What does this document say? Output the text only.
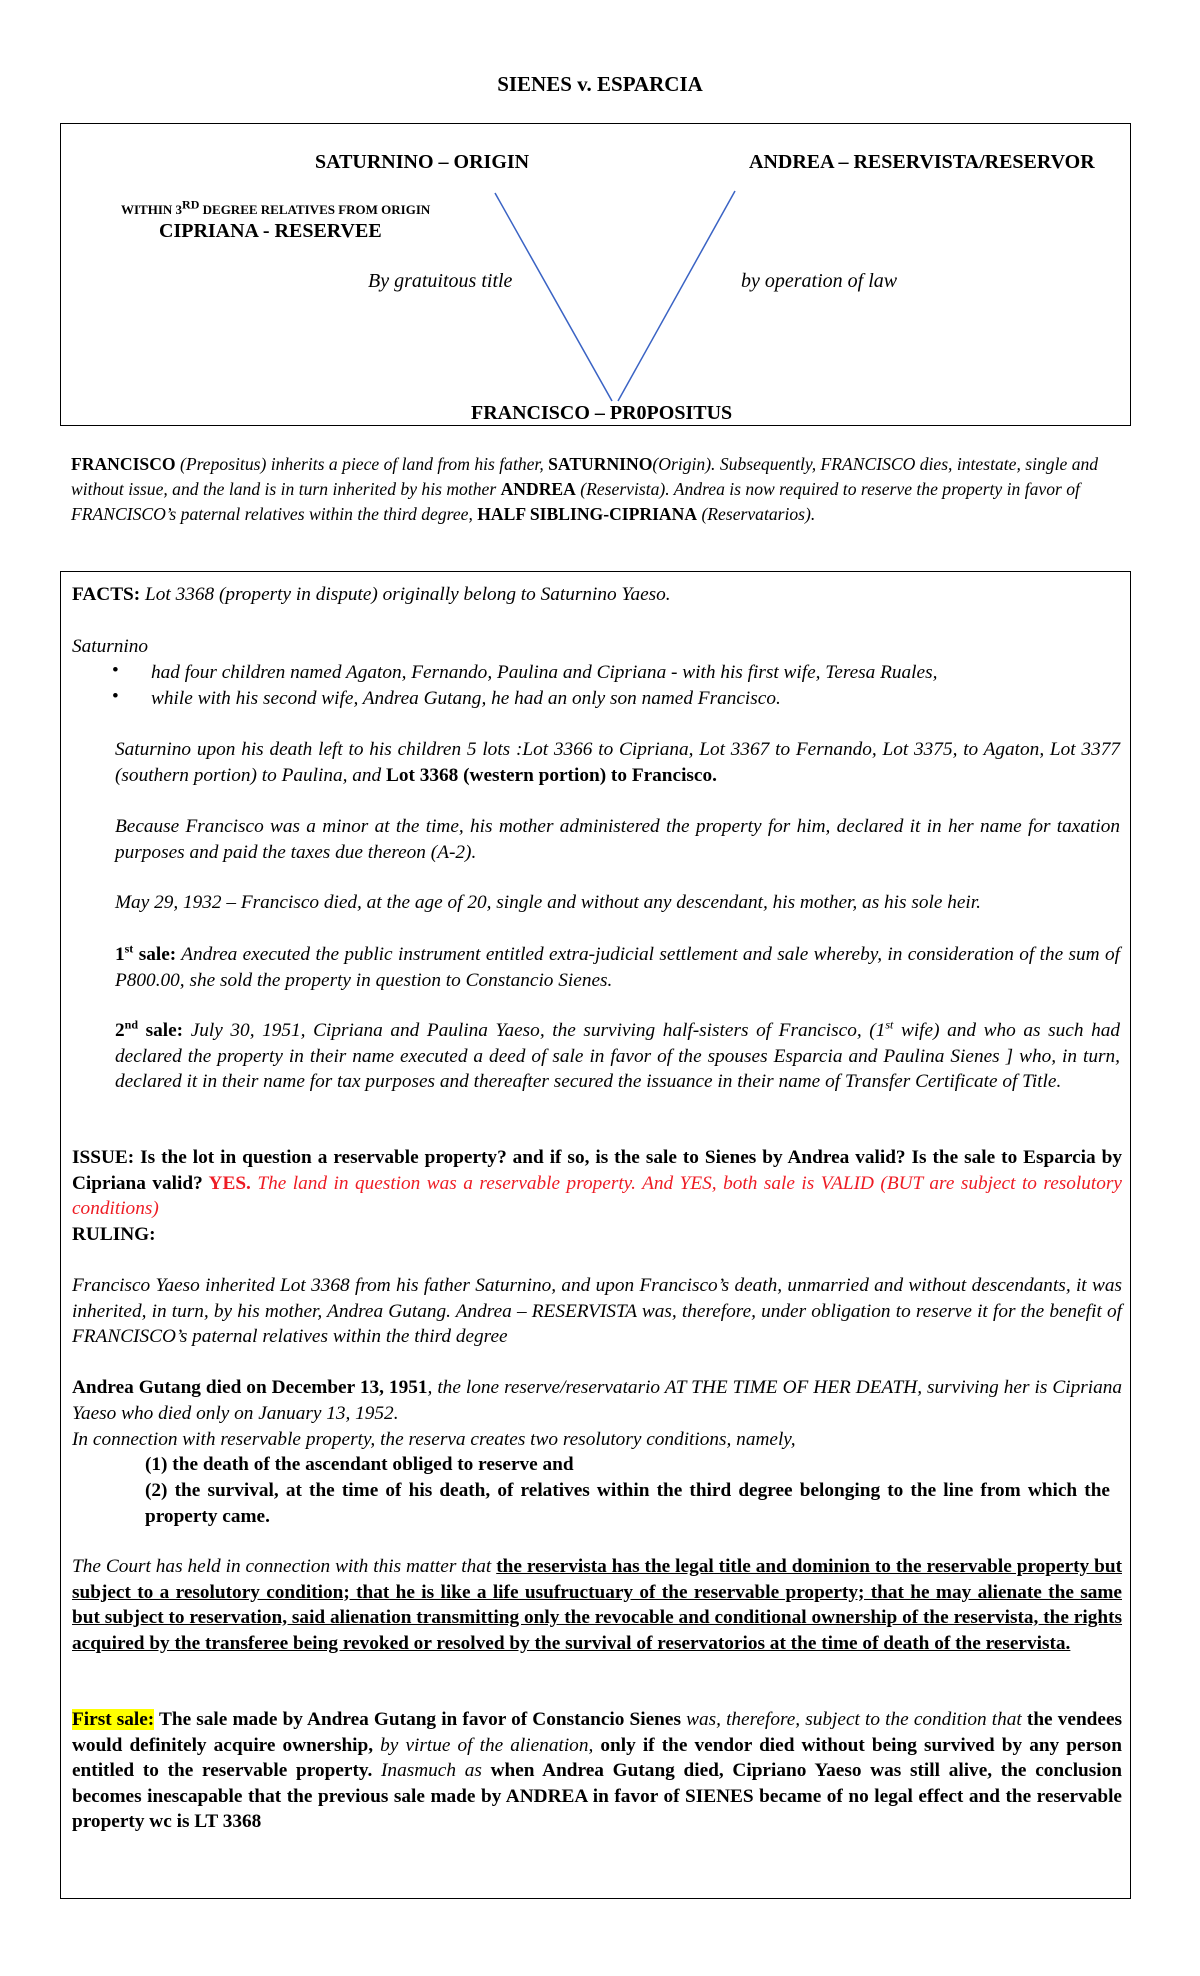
SIENES v. ESPARCIA
SATURNINO – ORIGIN	ANDREA – RESERVISTA/RESERVOR
WITHIN 3RD DEGREE RELATIVES FROM ORIGIN
CIPRIANA - RESERVEE
By gratuitous title	by operation of law
FRANCISCO – PR0POSITUS
FRANCISCO (Prepositus) inherits a piece of land from his father, SATURNINO(Origin). Subsequently, FRANCISCO dies, intestate, single and without issue, and the land is in turn inherited by his mother ANDREA (Reservista). Andrea is now required to reserve the property in favor of FRANCISCO’s paternal relatives within the third degree, HALF SIBLING-CIPRIANA (Reservatarios).
FACTS: Lot 3368 (property in dispute) originally belong to Saturnino Yaeso.
Saturnino
• had four children named Agaton, Fernando, Paulina and Cipriana - with his first wife, Teresa Ruales,
• while with his second wife, Andrea Gutang, he had an only son named Francisco.
Saturnino upon his death left to his children 5 lots :Lot 3366 to Cipriana, Lot 3367 to Fernando, Lot 3375, to Agaton, Lot 3377 (southern portion) to Paulina, and Lot 3368 (western portion) to Francisco.
Because Francisco was a minor at the time, his mother administered the property for him, declared it in her name for taxation purposes and paid the taxes due thereon (A-2).
May 29, 1932 – Francisco died, at the age of 20, single and without any descendant, his mother, as his sole heir.
1st sale: Andrea executed the public instrument entitled extra-judicial settlement and sale whereby, in consideration of the sum of P800.00, she sold the property in question to Constancio Sienes.
2nd sale: July 30, 1951, Cipriana and Paulina Yaeso, the surviving half-sisters of Francisco, (1st wife) and who as such had declared the property in their name executed a deed of sale in favor of the spouses Esparcia and Paulina Sienes ] who, in turn, declared it in their name for tax purposes and thereafter secured the issuance in their name of Transfer Certificate of Title.
ISSUE: Is the lot in question a reservable property? and if so, is the sale to Sienes by Andrea valid? Is the sale to Esparcia by Cipriana valid? YES. The land in question was a reservable property. And YES, both sale is VALID (BUT are subject to resolutory conditions)
RULING:
Francisco Yaeso inherited Lot 3368 from his father Saturnino, and upon Francisco’s death, unmarried and without descendants, it was inherited, in turn, by his mother, Andrea Gutang. Andrea – RESERVISTA was, therefore, under obligation to reserve it for the benefit of FRANCISCO’s paternal relatives within the third degree
Andrea Gutang died on December 13, 1951, the lone reserve/reservatario AT THE TIME OF HER DEATH, surviving her is Cipriana Yaeso who died only on January 13, 1952.
In connection with reservable property, the reserva creates two resolutory conditions, namely,
(1) the death of the ascendant obliged to reserve and
(2) the survival, at the time of his death, of relatives within the third degree belonging to the line from which the property came.
The Court has held in connection with this matter that the reservista has the legal title and dominion to the reservable property but subject to a resolutory condition; that he is like a life usufructuary of the reservable property; that he may alienate the same but subject to reservation, said alienation transmitting only the revocable and conditional ownership of the reservista, the rights acquired by the transferee being revoked or resolved by the survival of reservatorios at the time of death of the reservista.
First sale: The sale made by Andrea Gutang in favor of Constancio Sienes was, therefore, subject to the condition that the vendees would definitely acquire ownership, by virtue of the alienation, only if the vendor died without being survived by any person entitled to the reservable property. Inasmuch as when Andrea Gutang died, Cipriano Yaeso was still alive, the conclusion becomes inescapable that the previous sale made by ANDREA in favor of SIENES became of no legal effect and the reservable property wc is LT 3368
